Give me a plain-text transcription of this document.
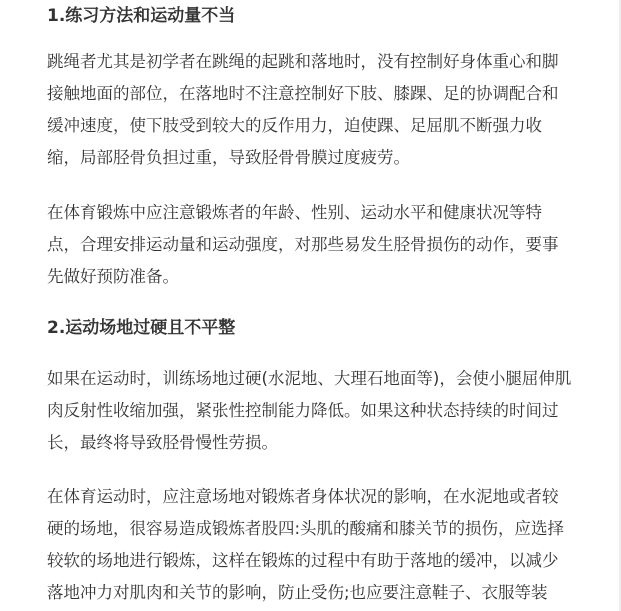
1.练习方法和运动量不当
跳绳者尤其是初学者在跳绳的起跳和落地时，没有控制好身体重心和脚
接触地面的部位，在落地时不注意控制好下肢、膝踝、足的协调配合和
缓冲速度，使下肢受到较大的反作用力，迫使踝、足屈肌不断强力收
缩，局部胫骨负担过重，导致胫骨骨膜过度疲劳。
在体育锻炼中应注意锻炼者的年龄、性别、运动水平和健康状况等特
点，合理安排运动量和运动强度，对那些易发生胫骨损伤的动作，要事
先做好预防准备。
2.运动场地过硬且不平整
如果在运动时，训练场地过硬(水泥地、大理石地面等)，会使小腿屈伸肌
肉反射性收缩加强，紧张性控制能力降低。如果这种状态持续的时间过
长，最终将导致胫骨慢性劳损。
在体育运动时，应注意场地对锻炼者身体状况的影响，在水泥地或者较
硬的场地，很容易造成锻炼者股四:头肌的酸痛和膝关节的损伤，应选择
较软的场地进行锻炼，这样在锻炼的过程中有助于落地的缓冲，以减少
落地冲力对肌肉和关节的影响，防止受伤;也应要注意鞋子、衣服等装
